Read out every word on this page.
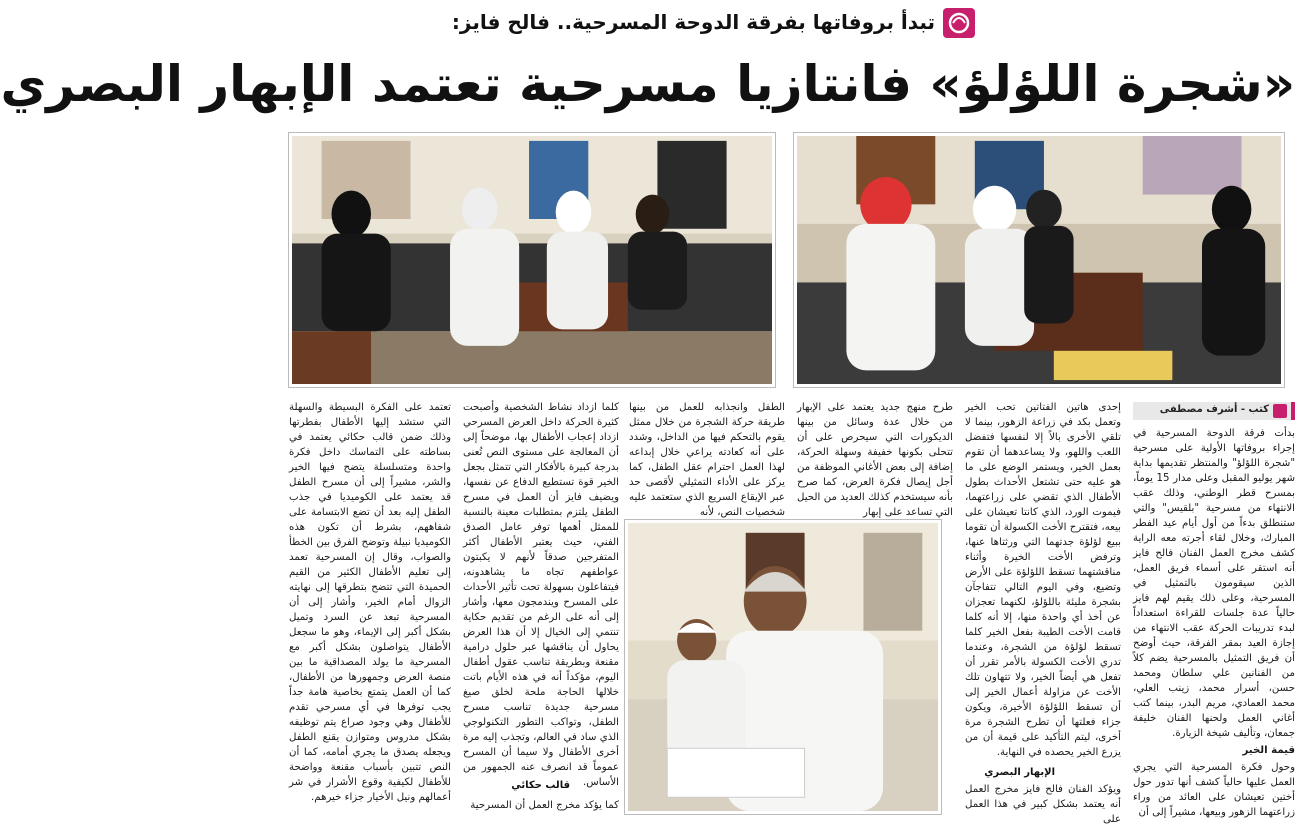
تبدأ بروفاتها بفرقة الدوحة المسرحية.. فالح فايز:
«شجرة اللؤلؤ» فانتازيا مسرحية تعتمد الإبهار البصري
كتب - أشرف مصطفى

بدأت فرقة الدوحة المسرحية في إجراء بروفاتها الأولية على مسرحية "شجرة اللؤلؤ" والمنتظر تقديمها بداية شهر يوليو المقبل وعلى مدار 15 يوماً، بمسرح قطر الوطني، وذلك عقب الانتهاء من مسرحية "بلقيس" والتي ستنطلق بدءاً من أول أيام عيد الفطر المبارك، وخلال لقاء أجرته معه الراية كشف مخرج العمل الفنان فالح فايز أنه استقر على أسماء فريق العمل، الذين سيقومون بالتمثيل في المسرحية، وعلى ذلك يقيم لهم فايز حالياً عدة جلسات للقراءة استعداداً لبدء تدريبات الحركة عقب الانتهاء من إجازة العيد بمقر الفرقة، حيث أوضح أن فريق التمثيل بالمسرحية يضم كلاً من الفنانين علي سلطان ومحمد حسن، أسرار محمد، زينب العلي، محمد العمادي، مريم البدر، بينما كتب أغاني العمل ولحنها الفنان خليفة جمعان، وتأليف شيخة الزيارة.

قيمة الخير

وحول فكرة المسرحية التي يجري العمل عليها حالياً كشف أنها تدور حول أختين تعيشان على العائد من وراء زراعتهما الزهور وبيعها، مشيراً إلى أن

إحدى هاتين الفتاتين تحب الخير وتعمل بكد في زراعة الزهور، بينما لا تلقي الأخرى بالاً إلا لنفسها فتفضل اللعب واللهو، ولا يساعدهما أن تقوم بعمل الخير، ويستمر الوضع على ما هو عليه حتى تشتعل الأحداث بطول الأطفال الذي تقضي على زراعتهما، فيموت الورد، الذي كانتا تعيشان على بيعه، فتقترح الأخت الكسولة أن تقوما ببيع لؤلؤة جدتهما التي ورثتاها عنها، وترفض الأخت الخيرة وأثناء مناقشتهما تسقط اللؤلؤة على الأرض وتضيع، وفي اليوم التالي تتفاجآن بشجرة مليئة باللؤلؤ، لكنهما تعجزان عن أخذ أي واحدة منها، إلا أنه كلما قامت الأخت الطيبة بفعل الخير كلما تسقط لؤلؤة من الشجرة، وعندما تدري الأخت الكسولة بالأمر تقرر أن تفعل هي أيضاً الخير، ولا تتهاون تلك الأخت عن مزاولة أعمال الخير إلى أن تسقط اللؤلؤة الأخيرة، ويكون جزاء فعلتها أن تطرح الشجرة مرة أخرى، ليتم التأكيد على قيمة أن من يزرع الخير يحصده في النهاية.

الإبهار البصري

ويؤكد الفنان فالح فايز مخرج العمل أنه يعتمد بشكل كبير في هذا العمل على

طرح منهج جديد يعتمد على الإبهار من خلال عدة وسائل من بينها الديكورات التي سيحرص على أن تتحلى بكونها خفيفة وسهلة الحركة، إضافة إلى بعض الأغاني الموظفة من أجل إيصال فكرة العرض، كما صرح بأنه سيستخدم كذلك العديد من الحيل التي تساعد على إبهار

الطفل وانجذابه للعمل من بينها طريقة حركة الشجرة من خلال ممثل يقوم بالتحكم فيها من الداخل، وشدد على أنه كعادته يراعي خلال إبداعه لهذا العمل احترام عقل الطفل، كما يركز على الأداء التمثيلي لأقصى حد عبر الإيقاع السريع الذي ستعتمد عليه شخصيات النص، لأنه

كلما ازداد نشاط الشخصية وأصبحت كثيرة الحركة داخل العرض المسرحي ازداد إعجاب الأطفال بها، موضحاً إلى أن المعالجة على مستوى النص تُعنى بدرجة كبيرة بالأفكار التي تتمثل بجعل الخير قوة تستطيع الدفاع عن نفسها، ويضيف فايز أن العمل في مسرح الطفل يلتزم بمتطلبات معينة بالنسبة للممثل أهمها توفر عامل الصدق الفني، حيث يعتبر الأطفال أكثر المتفرجين صدقاً لأنهم لا يكبتون عواطفهم تجاه ما يشاهدونه، فيتفاعلون بسهولة تحت تأثير الأحداث على المسرح ويندمجون معها، وأشار إلى أنه على الرغم من تقديم حكاية تنتمي إلى الخيال إلا أن هذا العرض يحاول أن يناقشها عبر حلول درامية مقنعة وبطريقة تناسب عقول أطفال اليوم، مؤكداً أنه في هذه الأيام باتت خلالها الحاجة ملحة لخلق صيغ مسرحية جديدة تناسب مسرح الطفل، وتواكب التطور التكنولوجي الذي ساد في العالم، وتجذب إليه مرة أخرى الأطفال ولا سيما أن المسرح عموماً قد انصرف عنه الجمهور من الأساس.

قالب حكائي

كما يؤكد مخرج العمل أن المسرحية

تعتمد على الفكرة البسيطة والسهلة التي ستشد إليها الأطفال بفطرتها وذلك ضمن قالب حكائي يعتمد في بساطته على التماسك داخل فكرة واحدة ومتسلسلة يتضح فيها الخير والشر، مشيراً إلى أن مسرح الطفل قد يعتمد على الكوميديا في جذب الطفل إليه بعد أن تضع الابتسامة على شفاههم، بشرط أن تكون هذه الكوميديا نبيلة وتوضح الفرق بين الخطأ والصواب، وقال إن المسرحية تعمد إلى تعليم الأطفال الكثير من القيم الحميدة التي تتضح بتطرقها إلى نهايته الزوال أمام الخير، وأشار إلى أن المسرحية تبعد عن السرد وتميل بشكل أكبر إلى الإيماء، وهو ما سجعل الأطفال يتواصلون بشكل أكبر مع المسرحية ما يولد المصداقية ما بين منصة العرض وجمهورها من الأطفال، كما أن العمل يتمتع بخاصية هامة جداً يجب توفرها في أي مسرحي تقدم للأطفال وهي وجود صراع يتم توظيفه بشكل مدروس ومتوازن يقنع الطفل ويجعله يصدق ما يجري أمامه، كما أن النص تتبين بأسباب مقنعة وواضحة للأطفال لكيفية وقوع الأشرار في شر أعمالهم ونيل الأخيار جزاء خيرهم.
